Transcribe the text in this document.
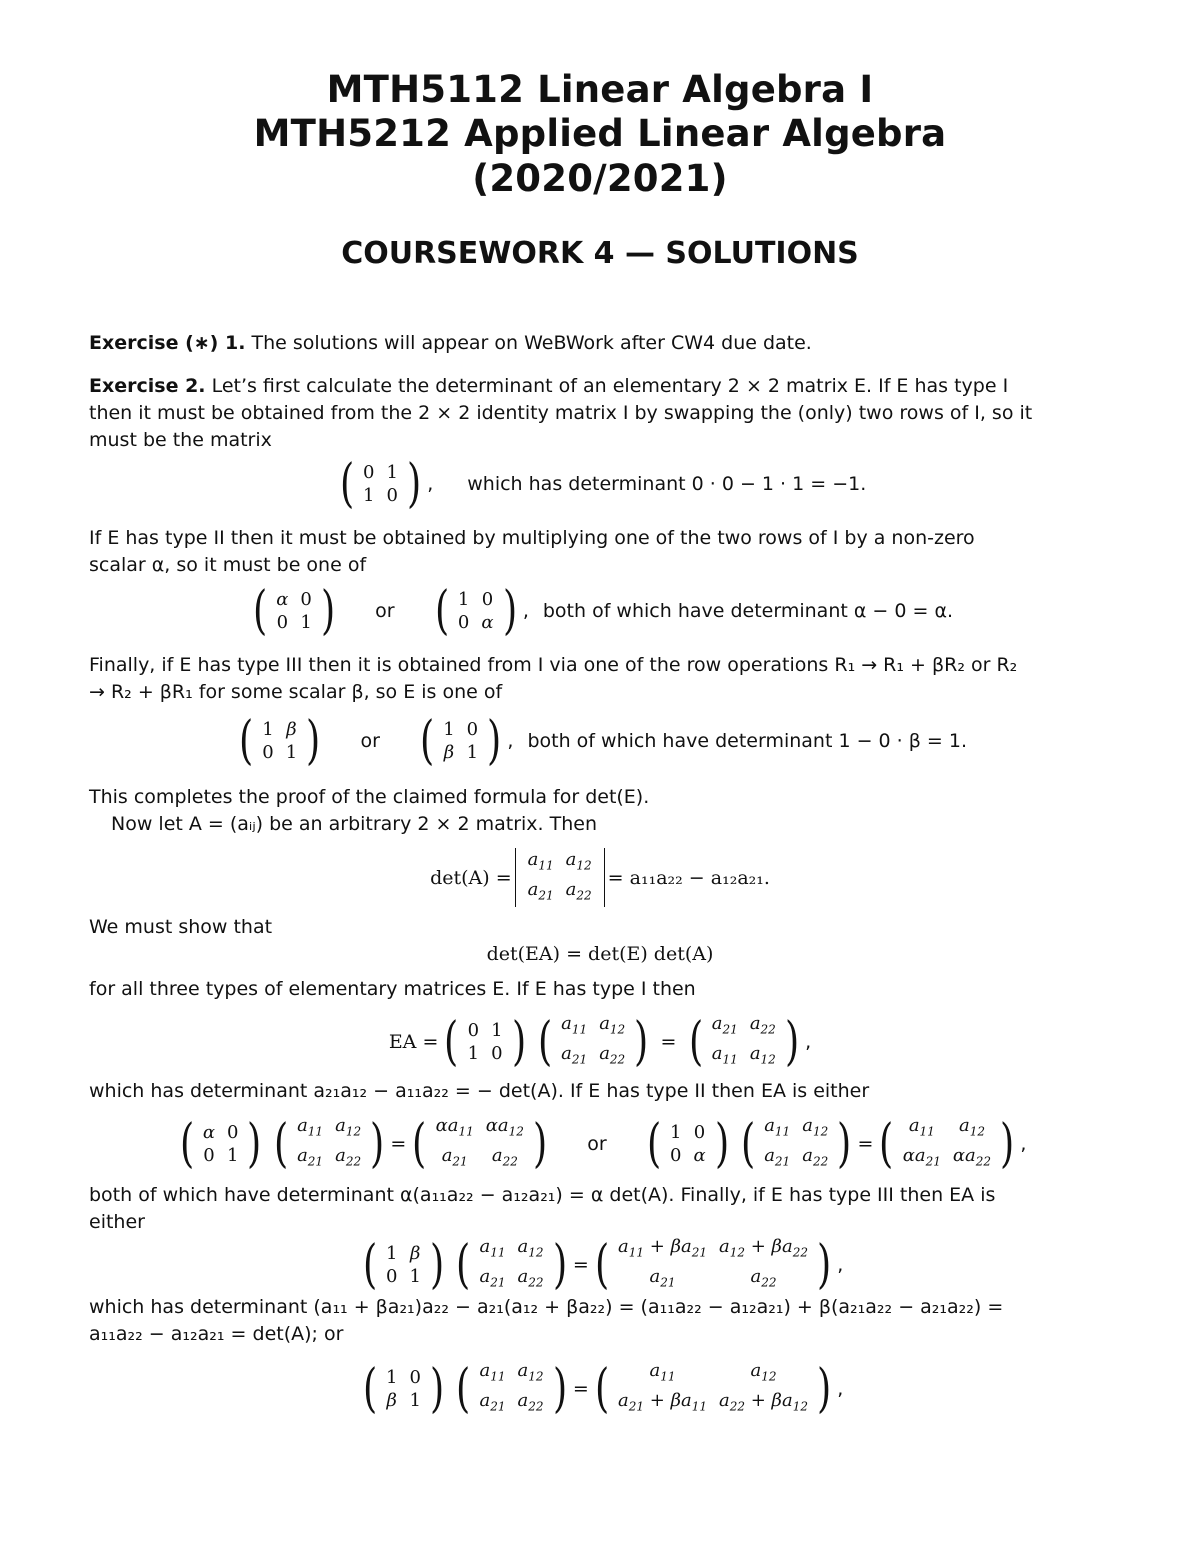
MTH5112 Linear Algebra I
MTH5212 Applied Linear Algebra
(2020/2021)
COURSEWORK 4 — SOLUTIONS

Exercise (∗) 1. The solutions will appear on WeBWork after CW4 due date.

Exercise 2. Let’s first calculate the determinant of an elementary 2 × 2 matrix E. If E has type I then it must be obtained from the 2 × 2 identity matrix I by swapping the (only) two rows of I, so it must be the matrix

( 0	1
1	0 ) , which has determinant 0 · 0 − 1 · 1 = −1.

If E has type II then it must be obtained by multiplying one of the two rows of I by a non-zero scalar α, so it must be one of

( α	0
0	1 ) or ( 1	0
0	α ) , both of which have determinant α − 0 = α.

Finally, if E has type III then it is obtained from I via one of the row operations R₁ → R₁ + βR₂ or R₂ → R₂ + βR₁ for some scalar β, so E is one of

( 1	β
0	1 ) or ( 1	0
β	1 ) , both of which have determinant 1 − 0 · β = 1.

This completes the proof of the claimed formula for det(E).

Now let A = (aᵢⱼ) be an arbitrary 2 × 2 matrix. Then

det(A) =
$a_{11}$	$a_{12}$
$a_{21}$	$a_{22}$
= a₁₁a₂₂ − a₁₂a₂₁.

We must show that

det(EA) = det(E) det(A)

for all three types of elementary matrices E. If E has type I then

EA = ( 0	1
1	0 ) ( $a_{11}$	$a_{12}$
$a_{21}$	$a_{22}$ ) = ( $a_{21}$	$a_{22}$
$a_{11}$	$a_{12}$ ) ,

which has determinant a₂₁a₁₂ − a₁₁a₂₂ = − det(A). If E has type II then EA is either

( α	0
0	1 ) ( $a_{11}$	$a_{12}$
$a_{21}$	$a_{22}$ ) = ( $\alpha a_{11}$	$\alpha a_{12}$
$a_{21}$	$a_{22}$ ) or ( 1	0
0	α ) ( $a_{11}$	$a_{12}$
$a_{21}$	$a_{22}$ ) = ( $a_{11}$	$a_{12}$
$\alpha a_{21}$	$\alpha a_{22}$ ) ,

both of which have determinant α(a₁₁a₂₂ − a₁₂a₂₁) = α det(A). Finally, if E has type III then EA is either

( 1	β
0	1 ) ( $a_{11}$	$a_{12}$
$a_{21}$	$a_{22}$ ) = ( $a_{11} + \beta a_{21}$	$a_{12} + \beta a_{22}$
$a_{21}$	$a_{22}$ ) ,

which has determinant (a₁₁ + βa₂₁)a₂₂ − a₂₁(a₁₂ + βa₂₂) = (a₁₁a₂₂ − a₁₂a₂₁) + β(a₂₁a₂₂ − a₂₁a₂₂) = a₁₁a₂₂ − a₁₂a₂₁ = det(A); or

( 1	0
β	1 ) ( $a_{11}$	$a_{12}$
$a_{21}$	$a_{22}$ ) = ( $a_{11}$	$a_{12}$
$a_{21} + \beta a_{11}$	$a_{22} + \beta a_{12}$ ) ,
